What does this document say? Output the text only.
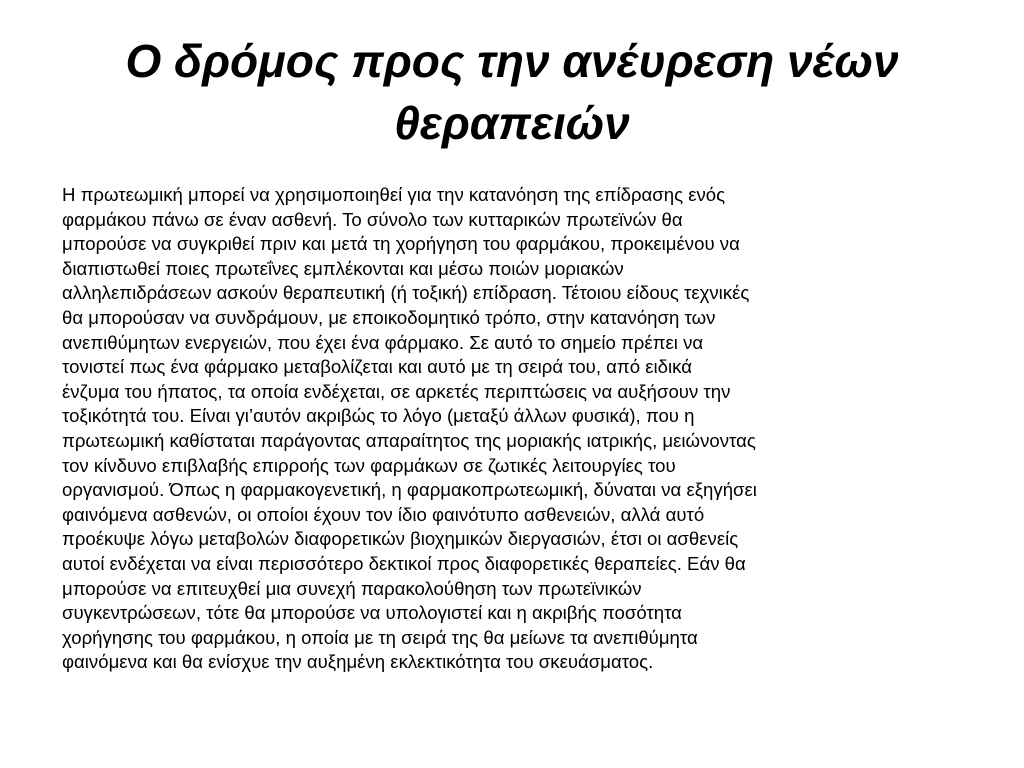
Ο δρόμος προς την ανέυρεση νέων θεραπειών

Η πρωτεωμική μπορεί να χρησιμοποιηθεί για την κατανόηση της επίδρασης ενός
φαρμάκου πάνω σε έναν ασθενή. Το σύνολο των κυτταρικών πρωτεϊνών θα
μπορούσε να συγκριθεί πριν και μετά τη χορήγηση του φαρμάκου, προκειμένου να
διαπιστωθεί ποιες πρωτεΐνες εμπλέκονται και μέσω ποιών μοριακών
αλληλεπιδράσεων ασκούν θεραπευτική (ή τοξική) επίδραση. Τέτοιου είδους τεχνικές
θα μπορούσαν να συνδράμουν, με εποικοδομητικό τρόπο, στην κατανόηση των
ανεπιθύμητων ενεργειών, που έχει ένα φάρμακο. Σε αυτό το σημείο πρέπει να
τονιστεί πως ένα φάρμακο μεταβολίζεται και αυτό με τη σειρά του, από ειδικά
ένζυμα του ήπατος, τα οποία ενδέχεται, σε αρκετές περιπτώσεις να αυξήσουν την
τοξικότητά του. Είναι γι’αυτόν ακριβώς το λόγο (μεταξύ άλλων φυσικά), που η
πρωτεωμική καθίσταται παράγοντας απαραίτητος της μοριακής ιατρικής, μειώνοντας
τον κίνδυνο επιβλαβής επιρροής των φαρμάκων σε ζωτικές λειτουργίες του
οργανισμού. Όπως η φαρμακογενετική, η φαρμακοπρωτεωμική, δύναται να εξηγήσει
φαινόμενα ασθενών, οι οποίοι έχουν τον ίδιο φαινότυπο ασθενειών, αλλά αυτό
προέκυψε λόγω μεταβολών διαφορετικών βιοχημικών διεργασιών, έτσι οι ασθενείς
αυτοί ενδέχεται να είναι περισσότερο δεκτικοί προς διαφορετικές θεραπείες. Εάν θα
μπορούσε να επιτευχθεί μια συνεχή παρακολούθηση των πρωτεϊνικών
συγκεντρώσεων, τότε θα μπορούσε να υπολογιστεί και η ακριβής ποσότητα
χορήγησης του φαρμάκου, η οποία με τη σειρά της θα μείωνε τα ανεπιθύμητα
φαινόμενα και θα ενίσχυε την αυξημένη εκλεκτικότητα του σκευάσματος.
